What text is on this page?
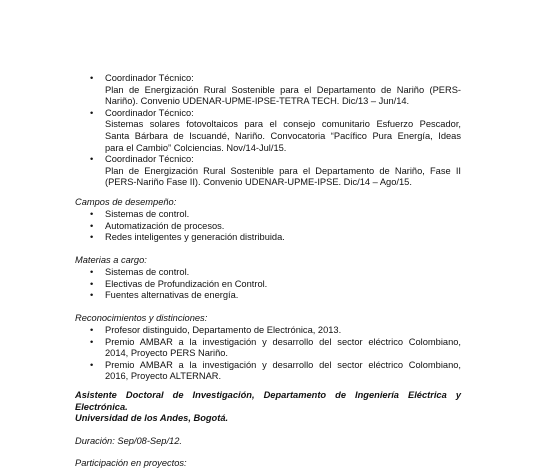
• Coordinador Técnico:
Plan de Energización Rural Sostenible para el Departamento de Nariño (PERS-
Nariño). Convenio UDENAR-UPME-IPSE-TETRA TECH. Dic/13 – Jun/14.
• Coordinador Técnico:
Sistemas solares fotovoltaicos para el consejo comunitario Esfuerzo Pescador,
Santa Bárbara de Iscuandé, Nariño. Convocatoria “Pacífico Pura Energía, Ideas
para el Cambio” Colciencias. Nov/14-Jul/15.
• Coordinador Técnico:
Plan de Energización Rural Sostenible para el Departamento de Nariño, Fase II
(PERS-Nariño Fase II). Convenio UDENAR-UPME-IPSE. Dic/14 – Ago/15.
Campos de desempeño:
• Sistemas de control.
• Automatización de procesos.
• Redes inteligentes y generación distribuida.
Materias a cargo:
• Sistemas de control.
• Electivas de Profundización en Control.
• Fuentes alternativas de energía.
Reconocimientos y distinciones:
• Profesor distinguido, Departamento de Electrónica, 2013.
• Premio AMBAR a la investigación y desarrollo del sector eléctrico Colombiano,
2014, Proyecto PERS Nariño.
• Premio AMBAR a la investigación y desarrollo del sector eléctrico Colombiano,
2016, Proyecto ALTERNAR.
Asistente Doctoral de Investigación, Departamento de Ingeniería Eléctrica y
Electrónica.
Universidad de los Andes, Bogotá.
Duración: Sep/08-Sep/12.
Participación en proyectos:
